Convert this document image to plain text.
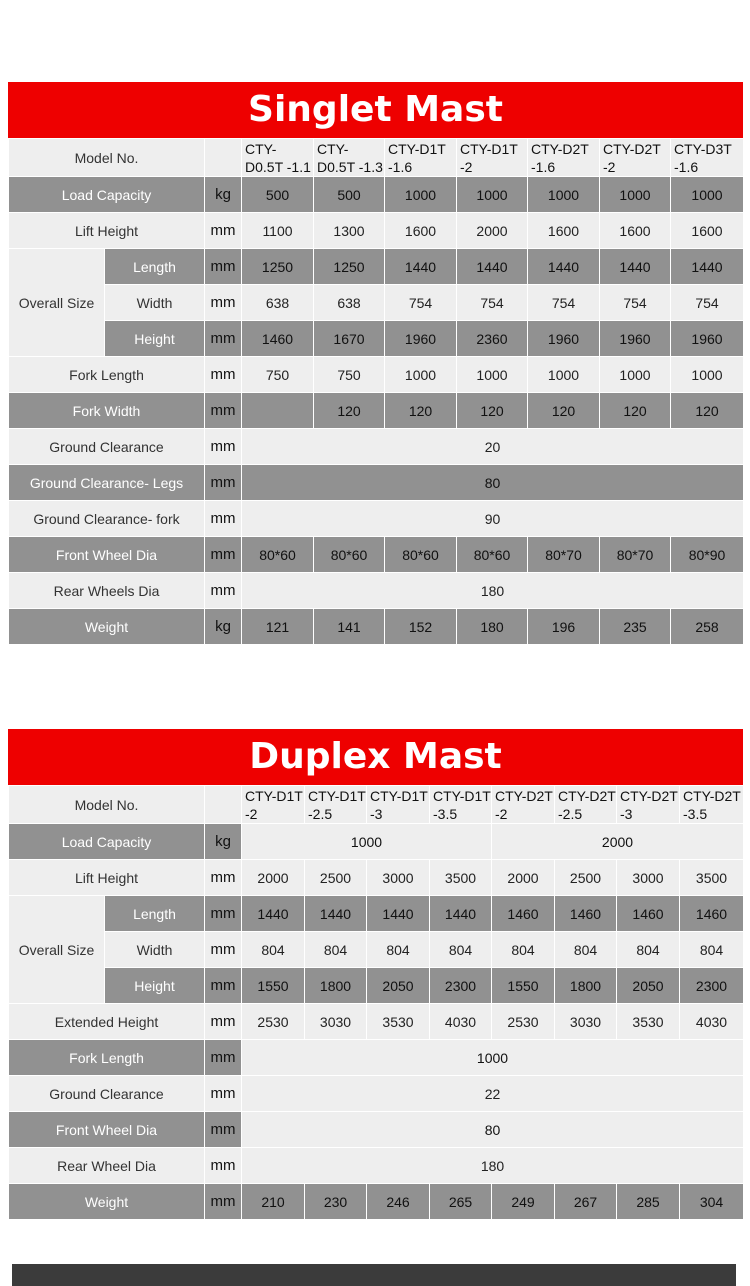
Singlet Mast
Model No.			CTY-D0.5T -1.1	CTY-D0.5T -1.3	CTY-D1T -1.6	CTY-D1T -2	CTY-D2T -1.6	CTY-D2T -2	CTY-D3T -1.6
Load Capacity		kg	500	500	1000	1000	1000	1000	1000
Lift Height		mm	1100	1300	1600	2000	1600	1600	1600
Overall Size	Length	mm	1250	1250	1440	1440	1440	1440	1440
	Width	mm	638	638	754	754	754	754	754
	Height	mm	1460	1670	1960	2360	1960	1960	1960
Fork Length		mm	750	750	1000	1000	1000	1000	1000
Fork Width		mm		120	120	120	120	120	120
Ground Clearance		mm	20						
Ground Clearance- Legs		mm	80						
Ground Clearance- fork		mm	90						
Front Wheel Dia		mm	80*60	80*60	80*60	80*60	80*70	80*70	80*90
Rear Wheels Dia		mm	180						
Weight		kg	121	141	152	180	196	235	258
Duplex Mast
Model No.			CTY-D1T -2	CTY-D1T -2.5	CTY-D1T -3	CTY-D1T -3.5	CTY-D2T -2	CTY-D2T -2.5	CTY-D2T -3	CTY-D2T -3.5
Load Capacity		kg	1000				2000			
Lift Height		mm	2000	2500	3000	3500	2000	2500	3000	3500
Overall Size	Length	mm	1440	1440	1440	1440	1460	1460	1460	1460
	Width	mm	804	804	804	804	804	804	804	804
	Height	mm	1550	1800	2050	2300	1550	1800	2050	2300
Extended Height		mm	2530	3030	3530	4030	2530	3030	3530	4030
Fork Length		mm	1000							
Ground Clearance		mm	22							
Front Wheel Dia		mm	80							
Rear Wheel Dia		mm	180							
Weight		mm	210	230	246	265	249	267	285	304
